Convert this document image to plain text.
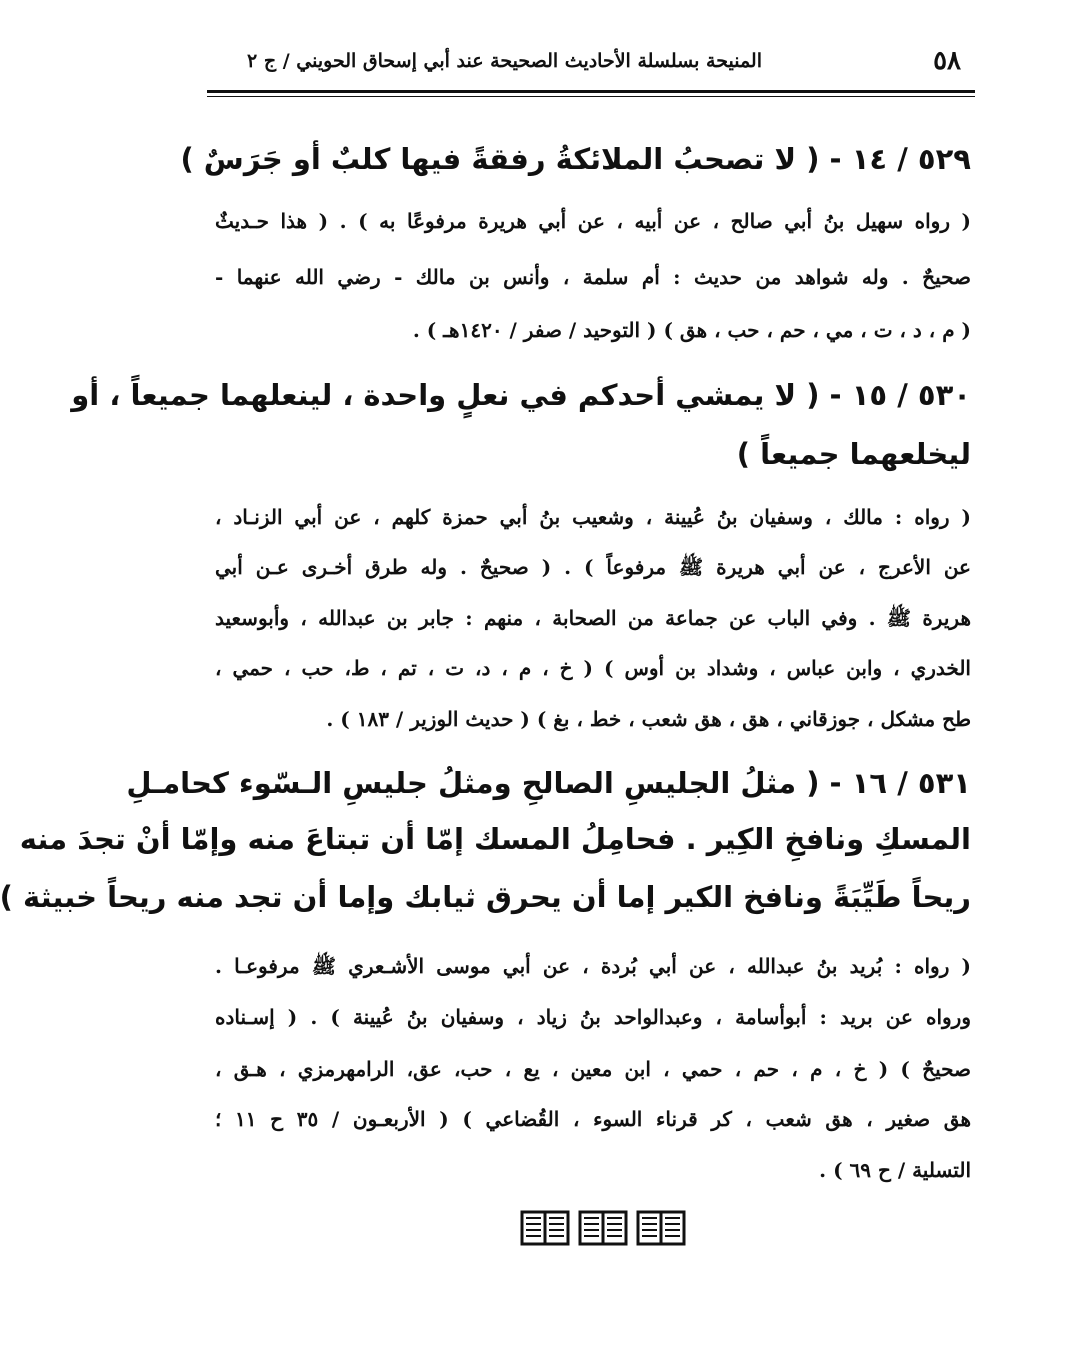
٥٨
المنيحة بسلسلة الأحاديث الصحيحة عند أبي إسحاق الحويني / ج ٢
٥٢٩ / ١٤ - ( لا تصحبُ الملائكةُ رفقةً فيها كلبٌ أو جَرَسٌ )
( رواه سهيل بنُ أبي صالح ، عن أبيه ، عن أبي هريرة مرفوعًا به ) . ( هذا حـديثٌ
صحيحٌ . وله شواهد من حديث : أم سلمة ، وأنس بن مالك - رضي الله عنهما -
( م ، د ، ت ، مي ، حم ، حب ، هق ) ( التوحيد / صفر / ١٤٢٠هـ ) .
٥٣٠ / ١٥ - ( لا يمشي أحدكم في نعلٍ واحدة ، لينعلهما جميعاً ، أو
ليخلعهما جميعاً )
( رواه : مالك ، وسفيان بنُ عُيينة ، وشعيب بنُ أبي حمزة كلهم ، عن أبي الزنـاد ،
عن الأعرج ، عن أبي هريرة ﷺ مرفوعاً ) . ( صحيحٌ . وله طرق أخـرى عـن أبي
هريرة ﷺ . وفي الباب عن جماعة من الصحابة ، منهم : جابر بن عبدالله ، وأبوسعيد
الخدري ، وابن عباس ، وشداد بن أوس ) ( خ ، م ، د، ت ، تم ، ط، حب ، حمي ،
طح مشكل ، جوزقاني ، هق ، هق شعب ، خط ، بغ ) ( حديث الوزير / ١٨٣ ) .
٥٣١ / ١٦ - ( مثلُ الجليسِ الصالحِ ومثلُ جليسِ الـسّوء كحامـلِ
المسكِ ونافخِ الكِير . فحامِلُ المسك إمّا أن تبتاعَ منه وإمّا أنْ تجدَ منه
ريحاً طَيِّبَةً ونافخ الكير إما أن يحرق ثيابك وإما أن تجد منه ريحاً خبيثة )
( رواه : بُريد بنُ عبدالله ، عن أبي بُردة ، عن أبي موسى الأشـعري ﷺ مرفوعـا .
ورواه عن بريد : أبوأسامة ، وعبدالواحد بنُ زياد ، وسفيان بنُ عُيينة ) . ( إسـناده
صحيحٌ ) ( خ ، م ، حم ، حمي ، ابن معين ، يع ، حب، عق، الرامهرمزي ، هـق ،
هق صغير ، هق شعب ، كر قرناء السوء ، القُضاعي ) ( الأربعـون / ٣٥ ح ١١ ؛
التسلية / ح ٦٩ ) .
